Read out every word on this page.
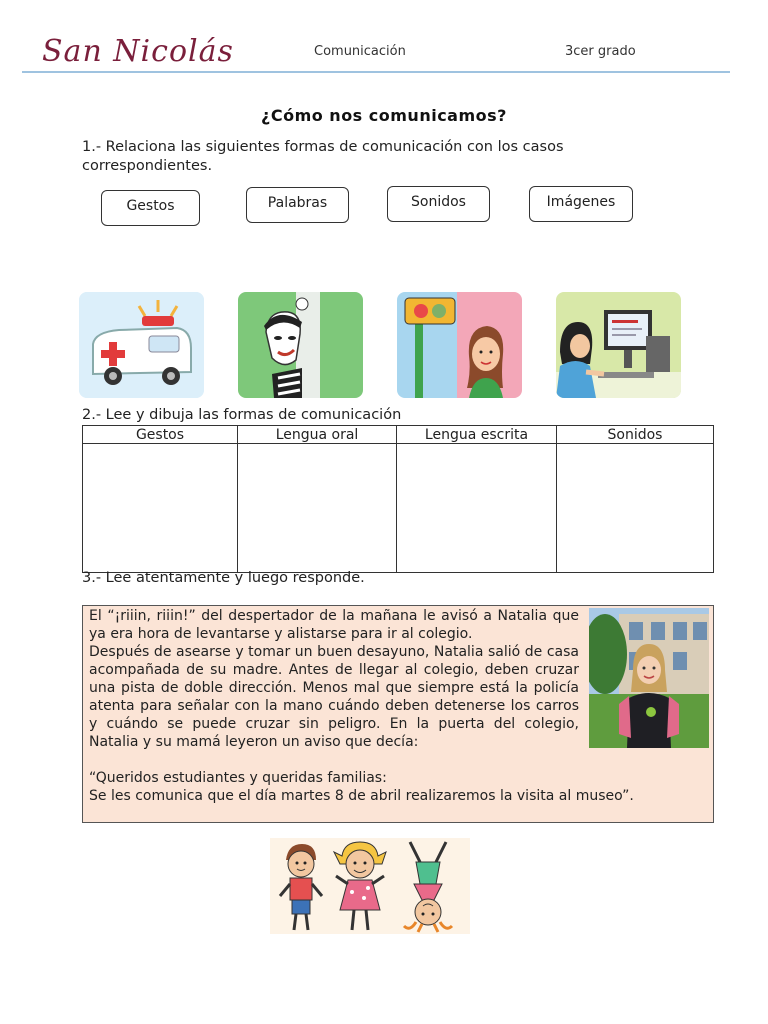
San Nicolás	Comunicación	3cer grado
¿Cómo nos comunicamos?
1.- Relaciona las siguientes formas de comunicación con los casos correspondientes.
Gestos	Palabras	Sonidos	Imágenes
2.- Lee y dibuja las formas de comunicación
Gestos	Lengua oral	Lengua escrita	Sonidos

3.- Lee atentamente y luego responde.

El “¡riiin, riiin!” del despertador de la mañana le avisó a Natalia que ya era hora de levantarse y alistarse para ir al colegio.

Después de asearse y tomar un buen desayuno, Natalia salió de casa acompañada de su madre. Antes de llegar al colegio, deben cruzar una pista de doble dirección. Menos mal que siempre está la policía atenta para señalar con la mano cuándo deben detenerse los carros y cuándo se puede cruzar sin peligro. En la puerta del colegio, Natalia y su mamá leyeron un aviso que decía:

“Queridos estudiantes y queridas familias:

Se les comunica que el día martes 8 de abril realizaremos la visita al museo”.
